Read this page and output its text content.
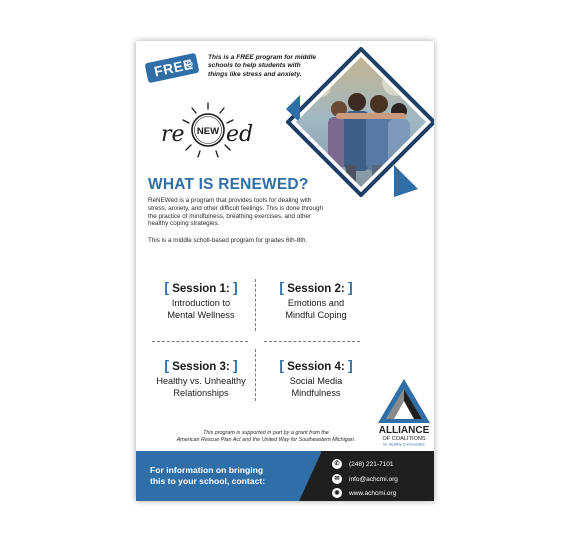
FREE	This is a FREE program for middle schools to help students with things like stress and anxiety.
NEW
re ed
WHAT IS RENEWED?

ReNEWed is a program that provides tools for dealing with stress, anxiety, and other difficult feelings. This is done through the practice of mindfulness, breathing exercises, and other healthy coping strategies.

This is a middle scholl-based program for grades 6th-8th.

[ Session 1: ]
Introduction to
Mental Wellness
[ Session 2: ]
Emotions and
Mindful Coping
[ Session 3: ]
Healthy vs. Unhealthy
Relationships
[ Session 4: ]
Social Media
Mindfulness
ALLIANCE
OF COALITIONS
for Healthy Communities
This program is supported in part by a grant from the
American Rescue Plan Act and the United Way for Southeastern Michigan.
For information on bringing
this to your school, contact:
✆	(248) 221-7101
✉	info@achcmi.org
◉	www.achcmi.org
